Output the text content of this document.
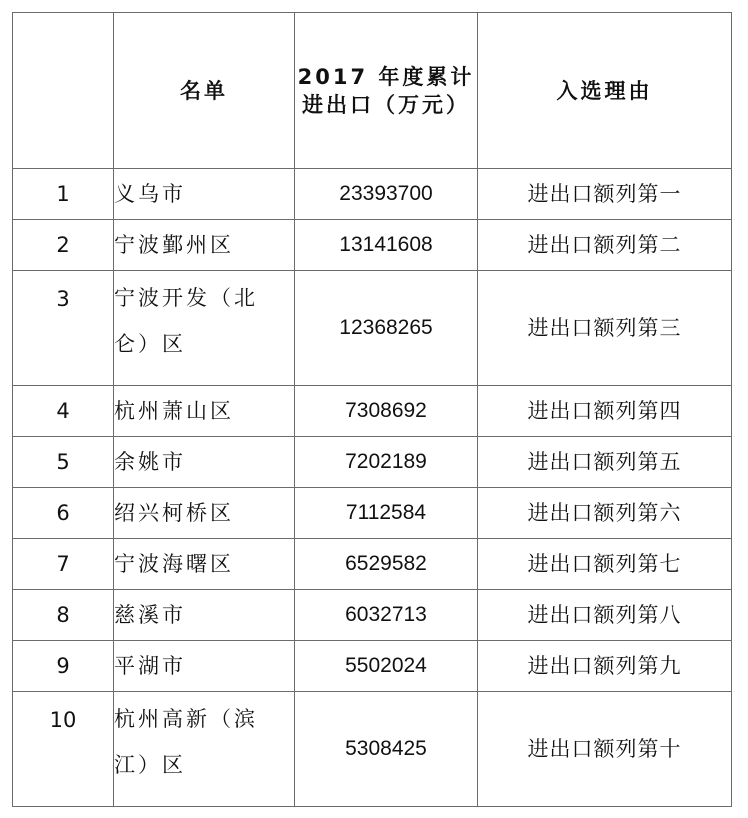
	名单	2017 年度累计进出口（万元）	入选理由
1	义乌市	23393700	进出口额列第一
2	宁波鄞州区	13141608	进出口额列第二
3	宁波开发（北仑）区	12368265	进出口额列第三
4	杭州萧山区	7308692	进出口额列第四
5	余姚市	7202189	进出口额列第五
6	绍兴柯桥区	7112584	进出口额列第六
7	宁波海曙区	6529582	进出口额列第七
8	慈溪市	6032713	进出口额列第八
9	平湖市	5502024	进出口额列第九
10	杭州高新（滨江）区	5308425	进出口额列第十
